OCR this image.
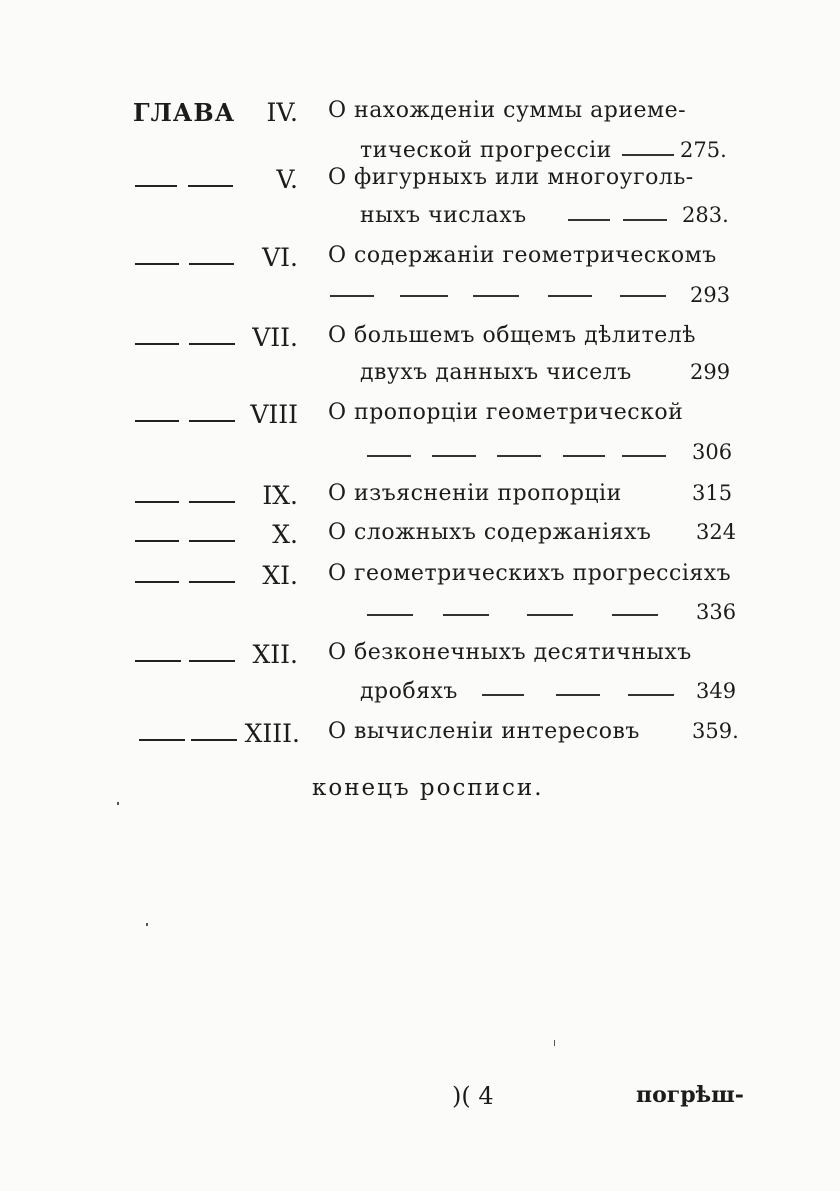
ГЛАВА	IV. О нахожденіи суммы ариеме-
тической прогрессіи	275.
V. О фигурныхъ или многоуголь-
ныхъ числахъ	283.
VI. О содержаніи геометрическомъ
293
VII. О большемъ общемъ дѣлителѣ
двухъ данныхъ чиселъ	299
VIII О пропорціи геометрической
306
IX. О изъясненіи пропорціи	315
X. О сложныхъ содержаніяхъ 324
XI. О геометрическихъ прогрессіяхъ
336
XII. О безконечныхъ десятичныхъ
дробяхъ	349
XIII. О вычисленіи интересовъ 359.
конецъ росписи.
)( 4	погрѣш-
